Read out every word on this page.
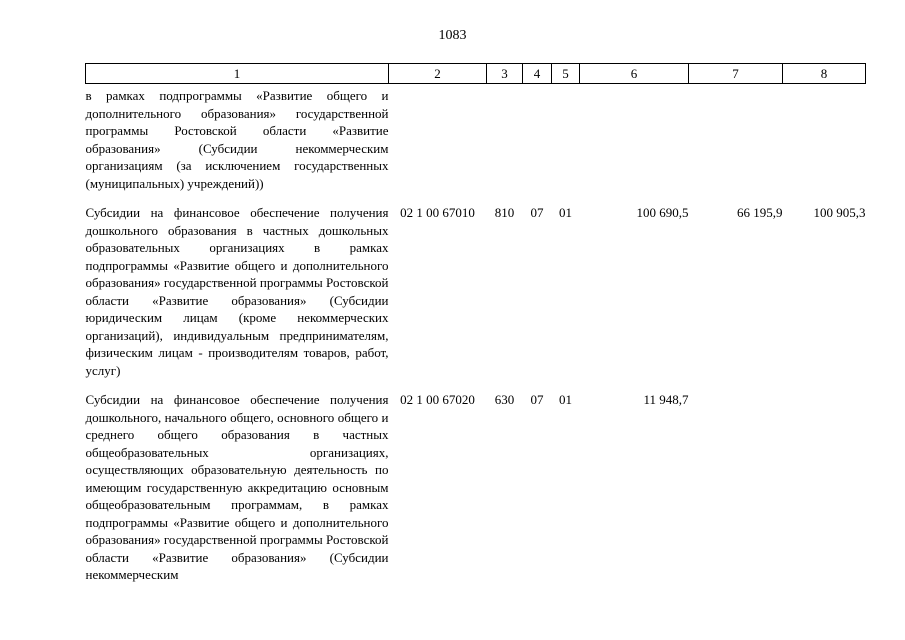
1083
1	2	3	4	5	6	7	8
в рамках подпрограммы «Развитие общего и дополнительного образования» государственной программы Ростовской области «Развитие образования» (Субсидии некоммерческим организациям (за исключением государственных (муниципальных) учреждений))							
Субсидии на финансовое обеспечение получения дошкольного образования в частных дошкольных образовательных организациях в рамках подпрограммы «Развитие общего и дополнительного образования» государственной программы Ростовской области «Развитие образования» (Субсидии юридическим лицам (кроме некоммерческих организаций), индивидуальным предпринимателям, физическим лицам - производителям товаров, работ, услуг)	02 1 00 67010	810	07	01	100 690,5	66 195,9	100 905,3
Субсидии на финансовое обеспечение получения дошкольного, начального общего, основного общего и среднего общего образования в частных общеобразовательных организациях, осуществляющих образовательную деятельность по имеющим государственную аккредитацию основным общеобразовательным программам, в рамках подпрограммы «Развитие общего и дополнительного образования» государственной программы Ростовской области «Развитие образования» (Субсидии некоммерческим	02 1 00 67020	630	07	01	11 948,7		
